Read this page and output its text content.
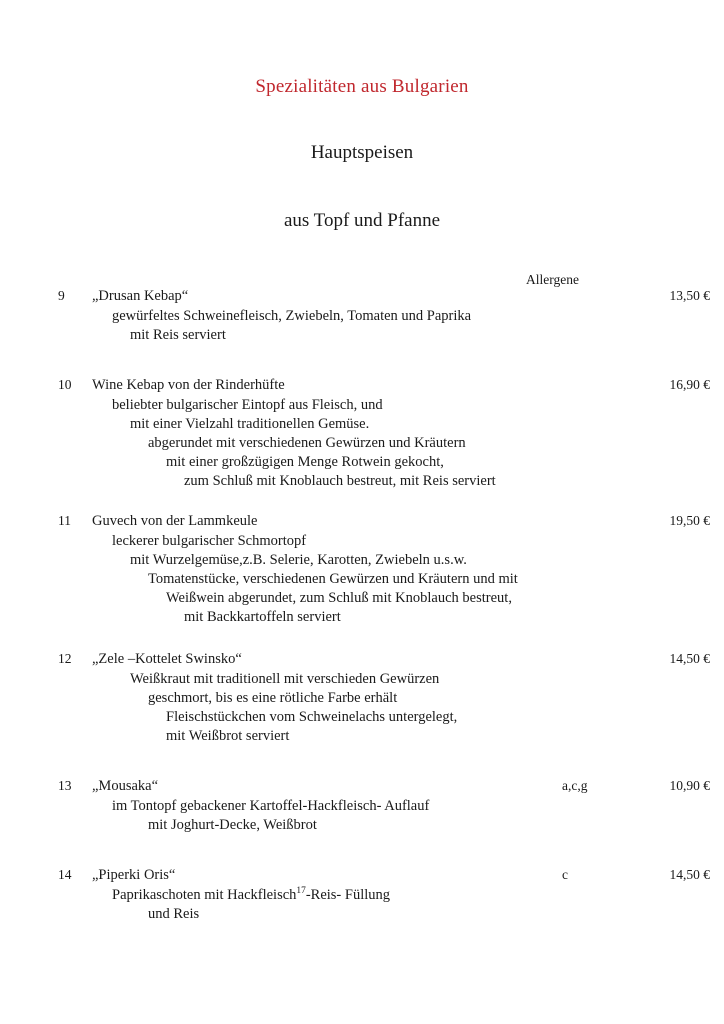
Spezialitäten aus Bulgarien
Hauptspeisen
aus Topf und Pfanne
Allergene
9 „Drusan Kebap“	13,50 €
gewürfeltes Schweinefleisch, Zwiebeln, Tomaten und Paprika
mit Reis serviert
10 Wine Kebap von der Rinderhüfte	16,90 €
beliebter bulgarischer Eintopf aus Fleisch, und
mit einer Vielzahl traditionellen Gemüse.
abgerundet mit verschiedenen Gewürzen und Kräutern
mit einer großzügigen Menge Rotwein gekocht,
zum Schluß mit Knoblauch bestreut, mit Reis serviert
11 Guvech von der Lammkeule	19,50 €
leckerer bulgarischer Schmortopf
mit Wurzelgemüse,z.B. Selerie, Karotten, Zwiebeln u.s.w.
Tomatenstücke, verschiedenen Gewürzen und Kräutern und mit
Weißwein abgerundet, zum Schluß mit Knoblauch bestreut,
mit Backkartoffeln serviert
12 „Zele –Kottelet Swinsko“	14,50 €
Weißkraut mit traditionell mit verschieden Gewürzen
geschmort, bis es eine rötliche Farbe erhält
Fleischstückchen vom Schweinelachs untergelegt,
mit Weißbrot serviert
13 „Mousaka“	a,c,g	10,90 €
im Tontopf gebackener Kartoffel-Hackfleisch- Auflauf
mit Joghurt-Decke, Weißbrot
14 „Piperki Oris“	c	14,50 €
Paprikaschoten mit Hackfleisch$^{17}$-Reis- Füllung
und Reis
